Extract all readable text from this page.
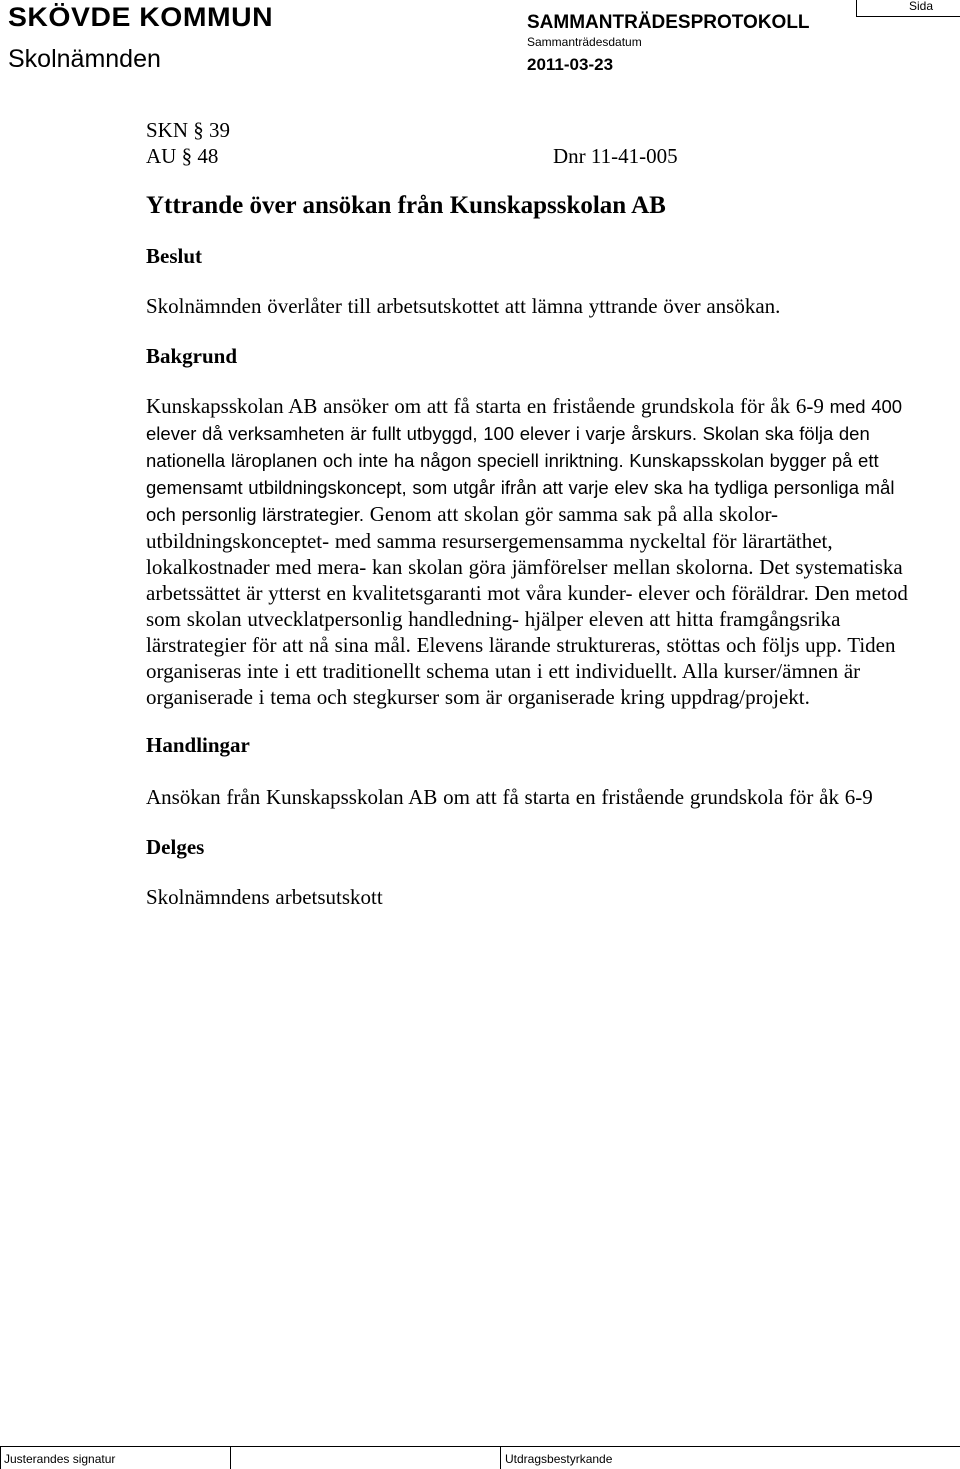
SKÖVDE KOMMUN
Skolnämnden
SAMMANTRÄDESPROTOKOLL
Sammanträdesdatum
2011-03-23
Sida
SKN § 39
AU § 48	Dnr 11-41-005
Yttrande över ansökan från Kunskapsskolan AB
Beslut

Skolnämnden överlåter till arbetsutskottet att lämna yttrande över ansökan.

Bakgrund

Kunskapsskolan AB ansöker om att få starta en fristående grundskola för åk 6-9 med 400 elever då verksamheten är fullt utbyggd, 100 elever i varje årskurs. Skolan ska följa den nationella läroplanen och inte ha någon speciell inriktning. Kunskapsskolan bygger på ett gemensamt utbildningskoncept, som utgår ifrån att varje elev ska ha tydliga personliga mål och personlig lärstrategier. Genom att skolan gör samma sak på alla skolor-utbildningskonceptet- med samma resursergemensamma nyckeltal för lärartäthet, lokalkostnader med mera- kan skolan göra jämförelser mellan skolorna. Det systematiska arbetssättet är ytterst en kvalitetsgaranti mot våra kunder- elever och föräldrar. Den metod som skolan utvecklatpersonlig handledning- hjälper eleven att hitta framgångsrika lärstrategier för att nå sina mål. Elevens lärande struktureras, stöttas och följs upp. Tiden organiseras inte i ett traditionellt schema utan i ett individuellt. Alla kurser/ämnen är organiserade i tema och stegkurser som är organiserade kring uppdrag/projekt.

Handlingar

Ansökan från Kunskapsskolan AB om att få starta en fristående grundskola för åk 6-9

Delges

Skolnämndens arbetsutskott

Justerandes signatur	Utdragsbestyrkande
